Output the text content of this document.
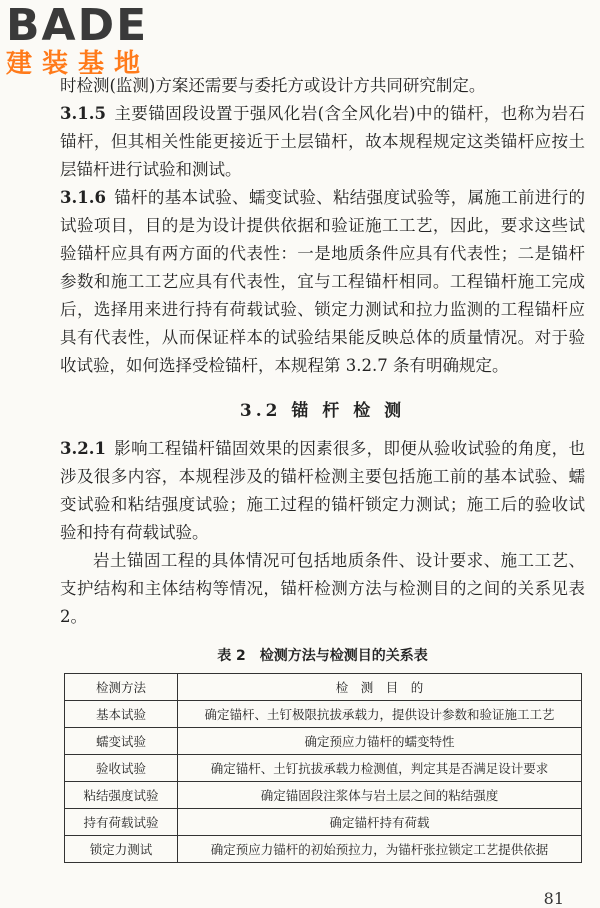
BADE
建装基地

时检测(监测)方案还需要与委托方或设计方共同研究制定。

3.1.5 主要锚固段设置于强风化岩(含全风化岩)中的锚杆，也称为岩石锚杆，但其相关性能更接近于土层锚杆，故本规程规定这类锚杆应按土层锚杆进行试验和测试。

3.1.6 锚杆的基本试验、蠕变试验、粘结强度试验等，属施工前进行的试验项目，目的是为设计提供依据和验证施工工艺，因此，要求这些试验锚杆应具有两方面的代表性：一是地质条件应具有代表性；二是锚杆参数和施工工艺应具有代表性，宜与工程锚杆相同。工程锚杆施工完成后，选择用来进行持有荷载试验、锁定力测试和拉力监测的工程锚杆应具有代表性，从而保证样本的试验结果能反映总体的质量情况。对于验收试验，如何选择受检锚杆，本规程第 3.2.7 条有明确规定。

3.2 锚 杆 检 测

3.2.1 影响工程锚杆锚固效果的因素很多，即便从验收试验的角度，也涉及很多内容，本规程涉及的锚杆检测主要包括施工前的基本试验、蠕变试验和粘结强度试验；施工过程的锚杆锁定力测试；施工后的验收试验和持有荷载试验。

岩土锚固工程的具体情况可包括地质条件、设计要求、施工工艺、支护结构和主体结构等情况，锚杆检测方法与检测目的之间的关系见表 2。

表 2　检测方法与检测目的关系表
检测方法	检　测　目　的
基本试验	确定锚杆、土钉极限抗拔承载力，提供设计参数和验证施工工艺
蠕变试验	确定预应力锚杆的蠕变特性
验收试验	确定锚杆、土钉抗拔承载力检测值，判定其是否满足设计要求
粘结强度试验	确定锚固段注浆体与岩土层之间的粘结强度
持有荷载试验	确定锚杆持有荷载
锁定力测试	确定预应力锚杆的初始预拉力，为锚杆张拉锁定工艺提供依据
81
